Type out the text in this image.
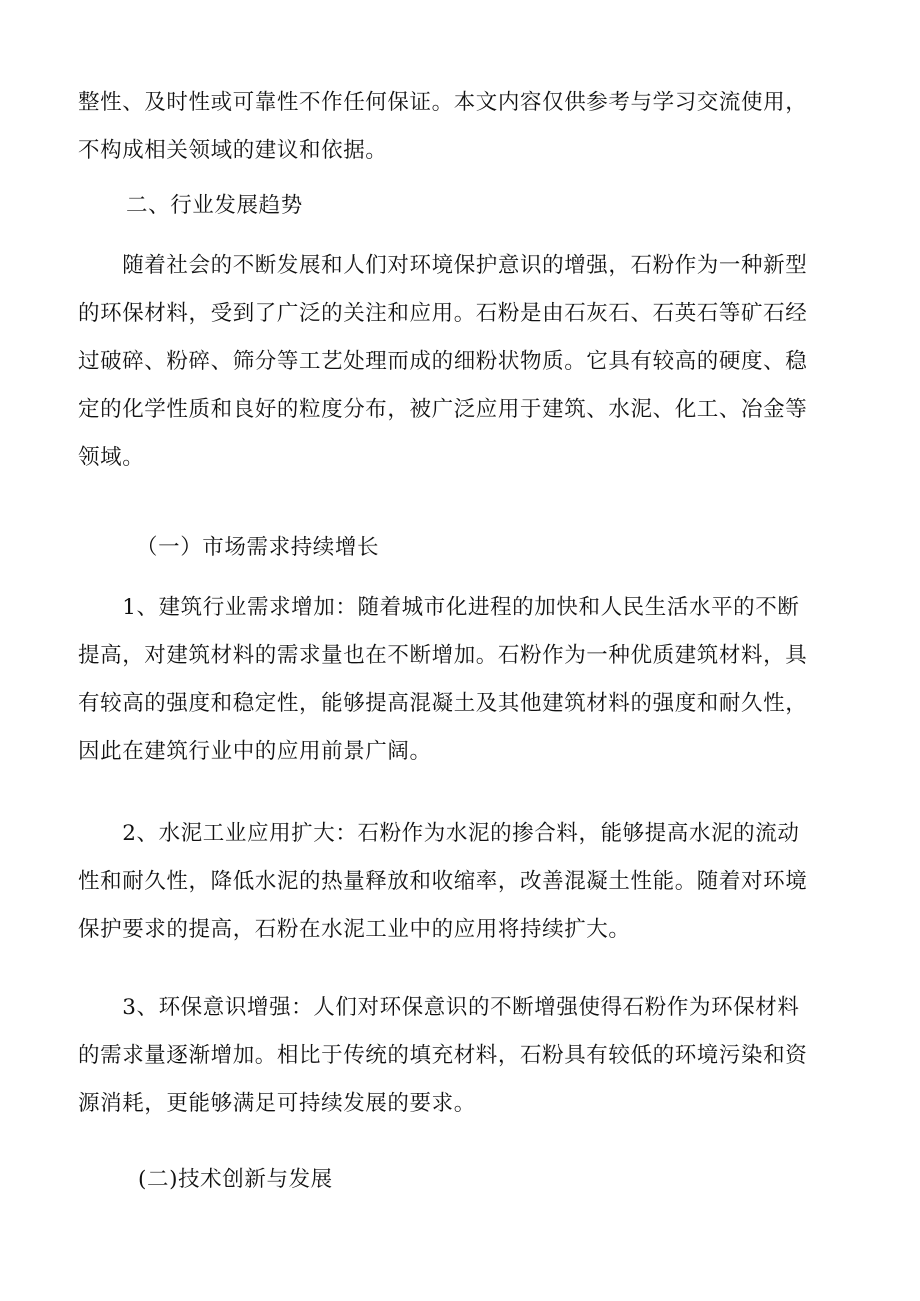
整性、及时性或可靠性不作任何保证。本文内容仅供参考与学习交流使用，
不构成相关领域的建议和依据。
二、行业发展趋势
　　随着社会的不断发展和人们对环境保护意识的增强，石粉作为一种新型
的环保材料，受到了广泛的关注和应用。石粉是由石灰石、石英石等矿石经
过破碎、粉碎、筛分等工艺处理而成的细粉状物质。它具有较高的硬度、稳
定的化学性质和良好的粒度分布，被广泛应用于建筑、水泥、化工、冶金等
领域。
（一）市场需求持续增长
　　1、建筑行业需求增加：随着城市化进程的加快和人民生活水平的不断
提高，对建筑材料的需求量也在不断增加。石粉作为一种优质建筑材料，具
有较高的强度和稳定性，能够提高混凝土及其他建筑材料的强度和耐久性，
因此在建筑行业中的应用前景广阔。
　　2、水泥工业应用扩大：石粉作为水泥的掺合料，能够提高水泥的流动
性和耐久性，降低水泥的热量释放和收缩率，改善混凝土性能。随着对环境
保护要求的提高，石粉在水泥工业中的应用将持续扩大。
　　3、环保意识增强：人们对环保意识的不断增强使得石粉作为环保材料
的需求量逐渐增加。相比于传统的填充材料，石粉具有较低的环境污染和资
源消耗，更能够满足可持续发展的要求。
(二)技术创新与发展
